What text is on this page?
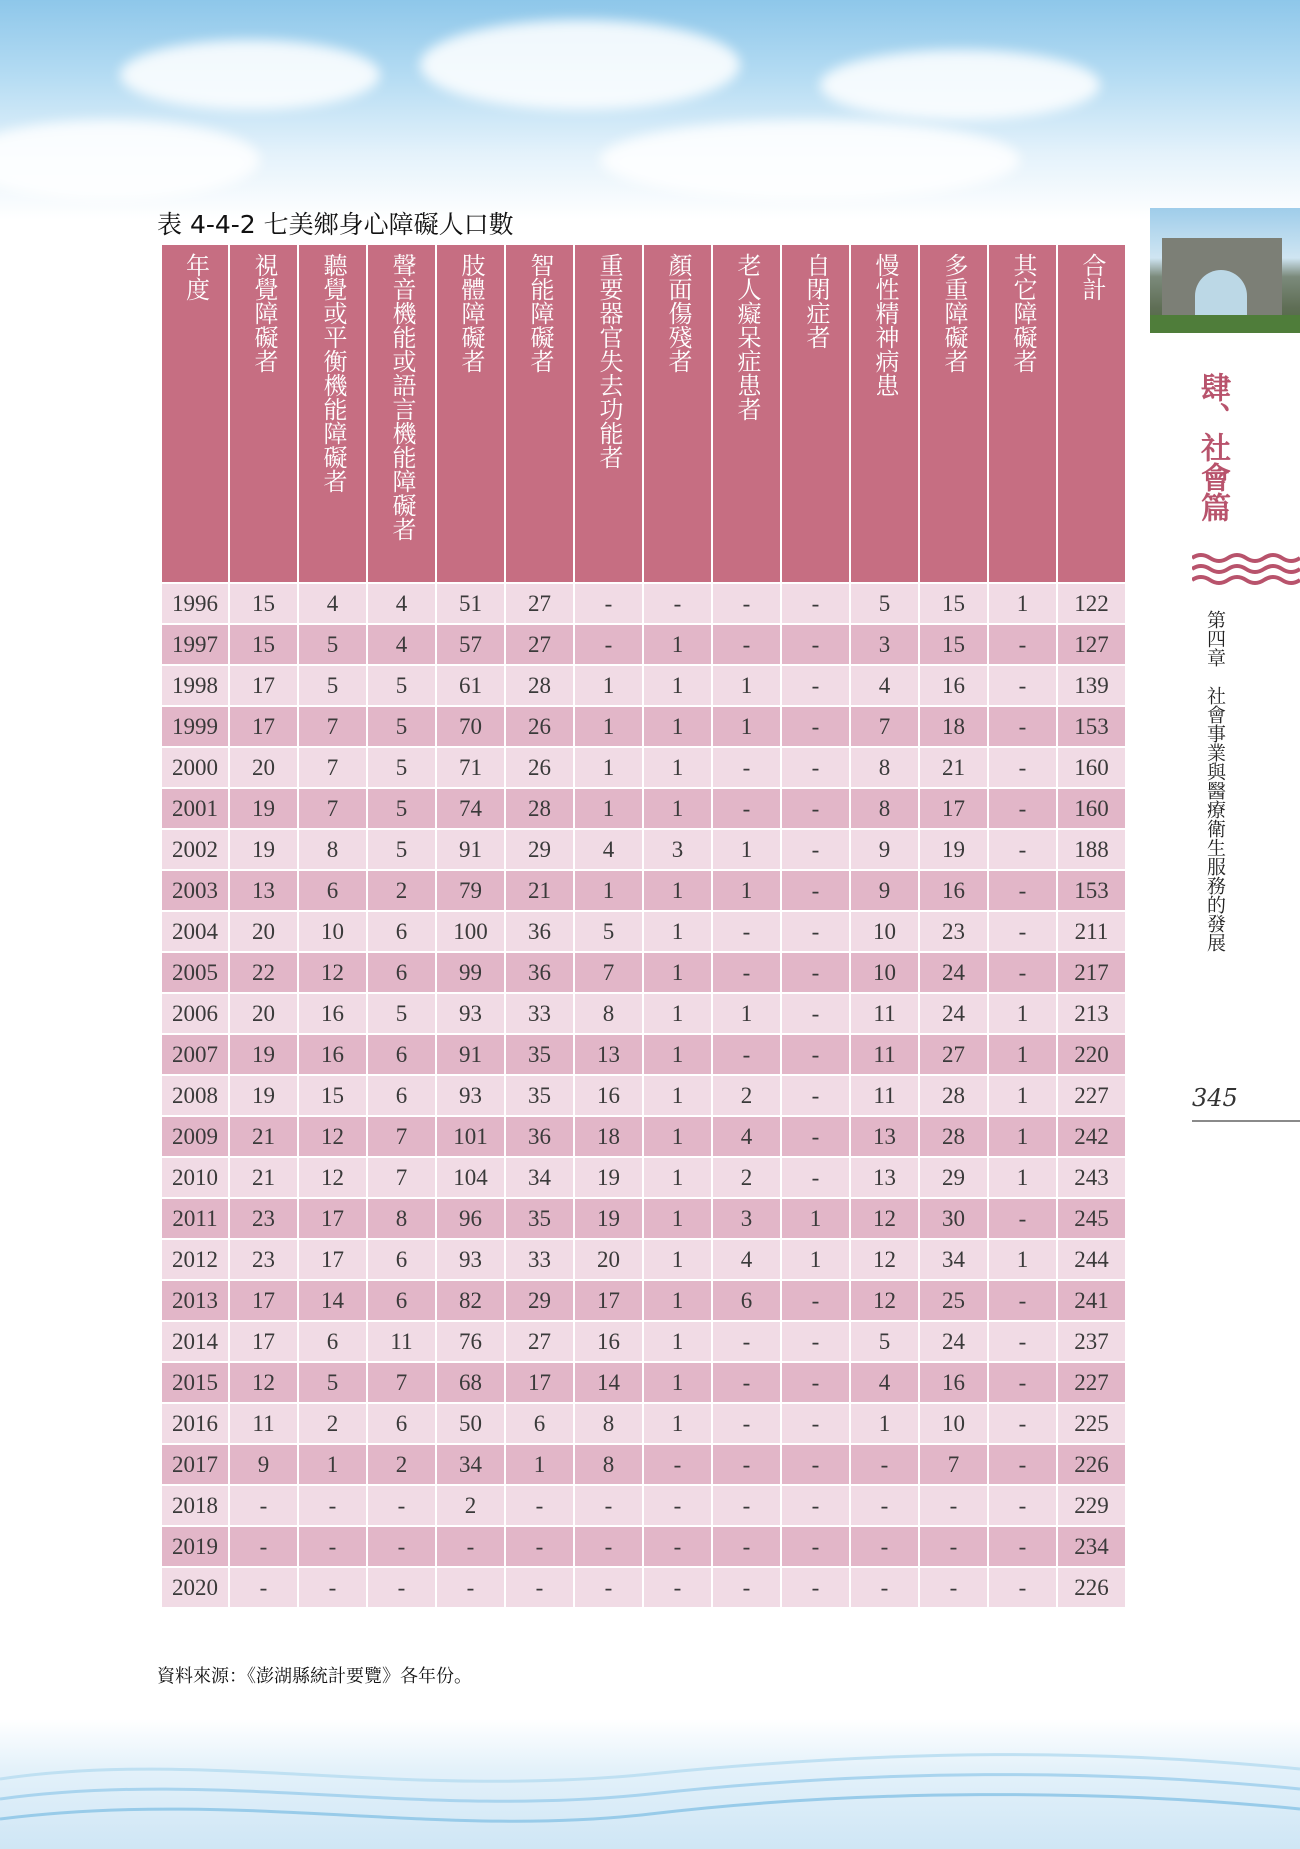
表 4-4-2 七美鄉身心障礙人口數
年度	視覺障礙者	聽覺或平衡機能障礙者	聲音機能或語言機能障礙者	肢體障礙者	智能障礙者	重要器官失去功能者	顏面傷殘者	老人癡呆症患者	自閉症者	慢性精神病患	多重障礙者	其它障礙者	合計

1996	15	4	4	51	27	-	-	-	-	5	15	1	122
1997	15	5	4	57	27	-	1	-	-	3	15	-	127
1998	17	5	5	61	28	1	1	1	-	4	16	-	139
1999	17	7	5	70	26	1	1	1	-	7	18	-	153
2000	20	7	5	71	26	1	1	-	-	8	21	-	160
2001	19	7	5	74	28	1	1	-	-	8	17	-	160
2002	19	8	5	91	29	4	3	1	-	9	19	-	188
2003	13	6	2	79	21	1	1	1	-	9	16	-	153
2004	20	10	6	100	36	5	1	-	-	10	23	-	211
2005	22	12	6	99	36	7	1	-	-	10	24	-	217
2006	20	16	5	93	33	8	1	1	-	11	24	1	213
2007	19	16	6	91	35	13	1	-	-	11	27	1	220
2008	19	15	6	93	35	16	1	2	-	11	28	1	227
2009	21	12	7	101	36	18	1	4	-	13	28	1	242
2010	21	12	7	104	34	19	1	2	-	13	29	1	243
2011	23	17	8	96	35	19	1	3	1	12	30	-	245
2012	23	17	6	93	33	20	1	4	1	12	34	1	244
2013	17	14	6	82	29	17	1	6	-	12	25	-	241
2014	17	6	11	76	27	16	1	-	-	5	24	-	237
2015	12	5	7	68	17	14	1	-	-	4	16	-	227
2016	11	2	6	50	6	8	1	-	-	1	10	-	225
2017	9	1	2	34	1	8	-	-	-	-	7	-	226
2018	-	-	-	2	-	-	-	-	-	-	-	-	229
2019	-	-	-	-	-	-	-	-	-	-	-	-	234
2020	-	-	-	-	-	-	-	-	-	-	-	-	226
資料來源：《澎湖縣統計要覽》各年份。
肆、社會篇
第四章　社會事業與醫療衛生服務的發展
345
